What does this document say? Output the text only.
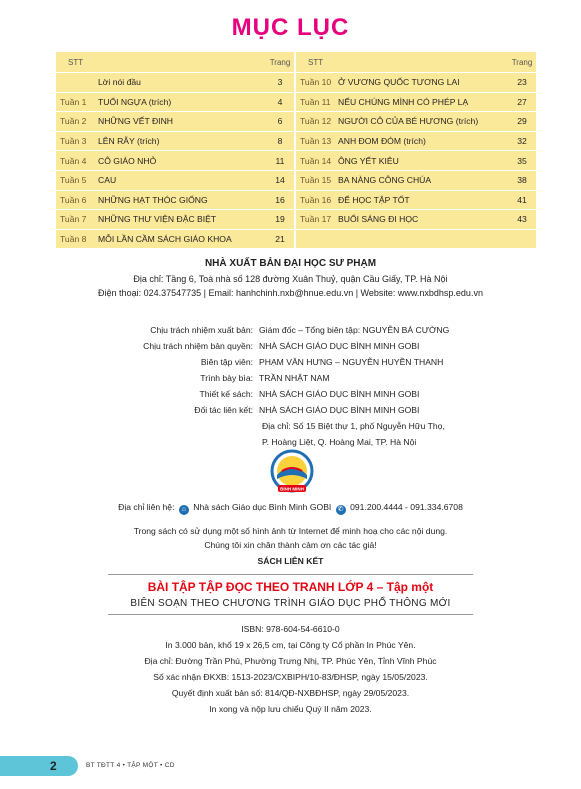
MỤC LỤC
STT	Trang
Lời nói đầu	3
Tuần 1	TUỔI NGỰA (trích)	4
Tuần 2	NHỮNG VẾT ĐINH	6
Tuần 3	LÊN RẪY (trích)	8
Tuần 4	CÔ GIÁO NHỎ	11
Tuần 5	CAU	14
Tuần 6	NHỮNG HẠT THÓC GIỐNG	16
Tuần 7	NHỮNG THƯ VIỆN ĐẶC BIỆT	19
Tuần 8	MỖI LẦN CẦM SÁCH GIÁO KHOA	21
STT	Trang
Tuần 10 Ở VƯƠNG QUỐC TƯƠNG LAI	23
Tuần 11 NẾU CHÚNG MÌNH CÓ PHÉP LẠ	27
Tuần 12 NGƯỜI CÔ CỦA BÉ HƯƠNG (trích)	29
Tuần 13 ANH ĐOM ĐÓM (trích)	32
Tuần 14 ÔNG YẾT KIÊU	35
Tuần 15 BA NÀNG CÔNG CHÚA	38
Tuần 16 ĐỂ HỌC TẬP TỐT	41
Tuần 17 BUỔI SÁNG ĐI HỌC	43
NHÀ XUẤT BẢN ĐẠI HỌC SƯ PHẠM
Địa chỉ: Tầng 6, Toà nhà số 128 đường Xuân Thuỷ, quận Cầu Giấy, TP. Hà Nội
Điện thoại: 024.37547735 | Email: hanhchinh.nxb@hnue.edu.vn | Website: www.nxbdhsp.edu.vn
Chịu trách nhiệm xuất bản: Giám đốc – Tổng biên tập: NGUYỄN BÁ CƯỜNG
Chịu trách nhiệm bản quyền: NHÀ SÁCH GIÁO DỤC BÌNH MINH GOBI
Biên tập viên: PHẠM VĂN HƯNG – NGUYỄN HUYỀN THANH
Trình bày bìa: TRẦN NHẬT NAM
Thiết kế sách: NHÀ SÁCH GIÁO DỤC BÌNH MINH GOBI
Đối tác liên kết: NHÀ SÁCH GIÁO DỤC BÌNH MINH GOBI
Địa chỉ: Số 15 Biệt thự 1, phố Nguyễn Hữu Thọ,
P. Hoàng Liệt, Q. Hoàng Mai, TP. Hà Nội
BÌNH MINH
Địa chỉ liên hệ: ⌂ Nhà sách Giáo dục Bình Minh GOBI ✆ 091.200.4444 - 091.334.6708
Trong sách có sử dụng một số hình ảnh từ Internet để minh hoạ cho các nội dung.
Chúng tôi xin chân thành cảm ơn các tác giả!
SÁCH LIÊN KẾT
BÀI TẬP TẬP ĐỌC THEO TRANH LỚP 4 – Tập một
BIÊN SOẠN THEO CHƯƠNG TRÌNH GIÁO DỤC PHỔ THÔNG MỚI
ISBN: 978-604-54-6610-0
In 3.000 bản, khổ 19 x 26,5 cm, tại Công ty Cổ phần In Phúc Yên.
Địa chỉ: Đường Trần Phú, Phường Trưng Nhị, TP. Phúc Yên, Tỉnh Vĩnh Phúc
Số xác nhận ĐKXB: 1513-2023/CXBIPH/10-83/ĐHSP, ngày 15/05/2023.
Quyết định xuất bản số: 814/QĐ-NXBĐHSP, ngày 29/05/2023.
In xong và nộp lưu chiểu Quý II năm 2023.
2	BT TĐTT 4 • TẬP MỘT • CD
